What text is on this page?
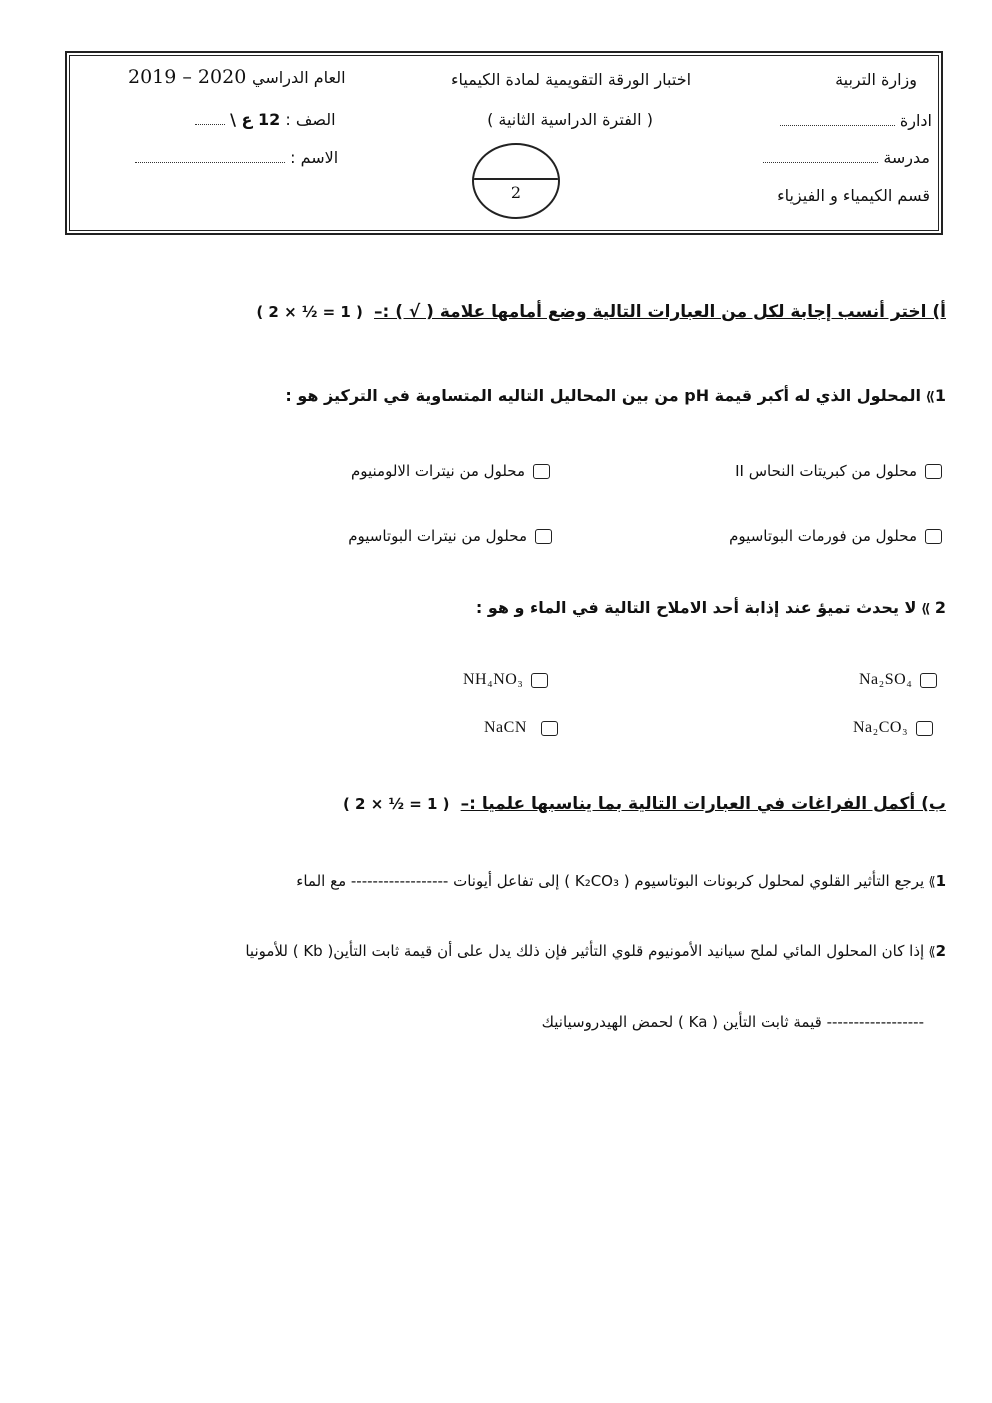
وزارة التربية
ادارة
مدرسة
قسم الكيمياء و الفيزياء
اختبار الورقة التقويمية لمادة الكيمياء
( الفترة الدراسية الثانية )
2
العام الدراسي 2019 – 2020
الصف : 12 ع \
الاسم :
أ) اختر أنسب إجابة لكل من العبارات التالية وضع أمامها علامة ( √ ) :– ( 2 × ½ = 1 )
1⟫ المحلول الذي له أكبر قيمة pH من بين المحاليل التاليه المتساوية في التركيز هو :
محلول من كبريتات النحاس II
محلول من نيترات الالومنيوم
محلول من فورمات البوتاسيوم
محلول من نيترات البوتاسيوم
2 ⟫ لا يحدث تميؤ عند إذابة أحد الاملاح التالية في الماء و هو :
Na₂SO₄
NH₄NO₃
Na₂CO₃
NaCN
ب) أكمل الفراغات في العبارات التالية بما يناسبها علميا :– ( 2 × ½ = 1 )
1⟫ يرجع التأثير القلوي لمحلول كربونات البوتاسيوم ( K₂CO₃ ) إلى تفاعل أيونات ------------------ مع الماء
2⟫ إذا كان المحلول المائي لملح سيانيد الأمونيوم قلوي التأثير فإن ذلك يدل على أن قيمة ثابت التأين( Kb ) للأمونيا
------------------ قيمة ثابت التأين ( Ka ) لحمض الهيدروسيانيك
